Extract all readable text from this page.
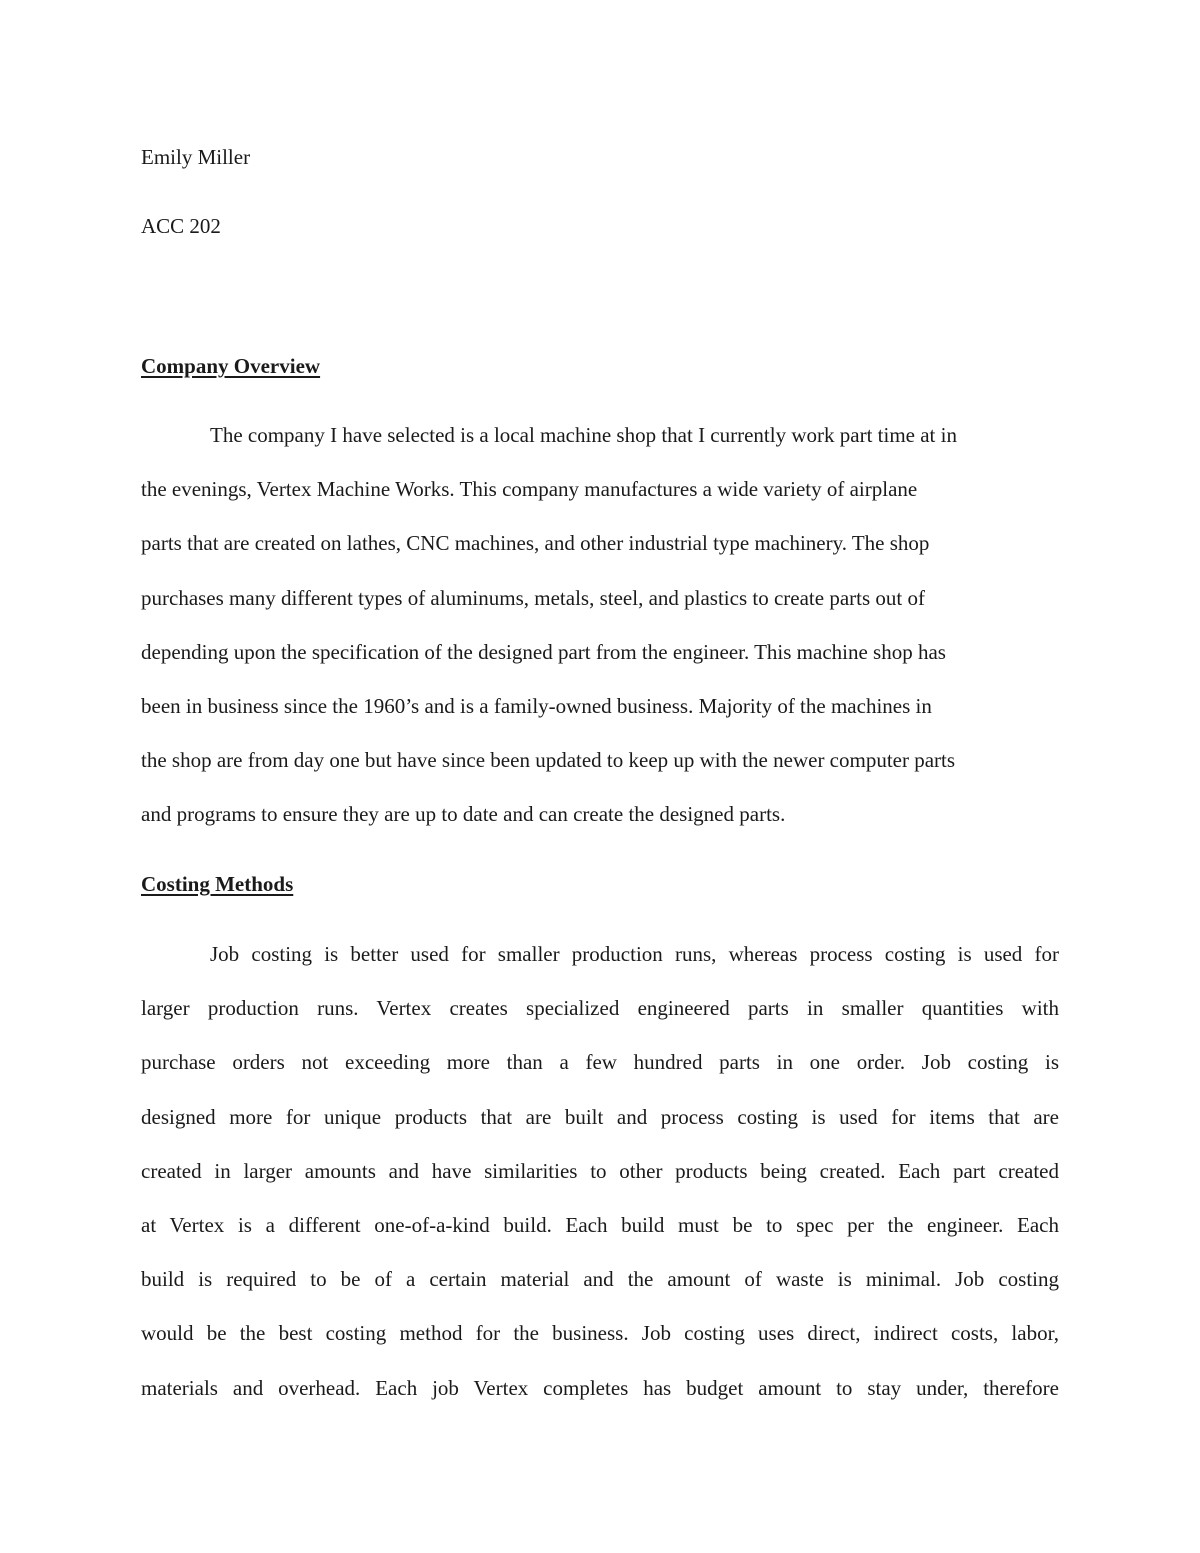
Emily Miller
ACC 202
Company Overview
The company I have selected is a local machine shop that I currently work part time at in
the evenings, Vertex Machine Works. This company manufactures a wide variety of airplane
parts that are created on lathes, CNC machines, and other industrial type machinery. The shop
purchases many different types of aluminums, metals, steel, and plastics to create parts out of
depending upon the specification of the designed part from the engineer. This machine shop has
been in business since the 1960’s and is a family-owned business. Majority of the machines in
the shop are from day one but have since been updated to keep up with the newer computer parts
and programs to ensure they are up to date and can create the designed parts.
Costing Methods
Job costing is better used for smaller production runs, whereas process costing is used for
larger production runs. Vertex creates specialized engineered parts in smaller quantities with
purchase orders not exceeding more than a few hundred parts in one order. Job costing is
designed more for unique products that are built and process costing is used for items that are
created in larger amounts and have similarities to other products being created. Each part created
at Vertex is a different one-of-a-kind build. Each build must be to spec per the engineer. Each
build is required to be of a certain material and the amount of waste is minimal. Job costing
would be the best costing method for the business. Job costing uses direct, indirect costs, labor,
materials and overhead. Each job Vertex completes has budget amount to stay under, therefore
